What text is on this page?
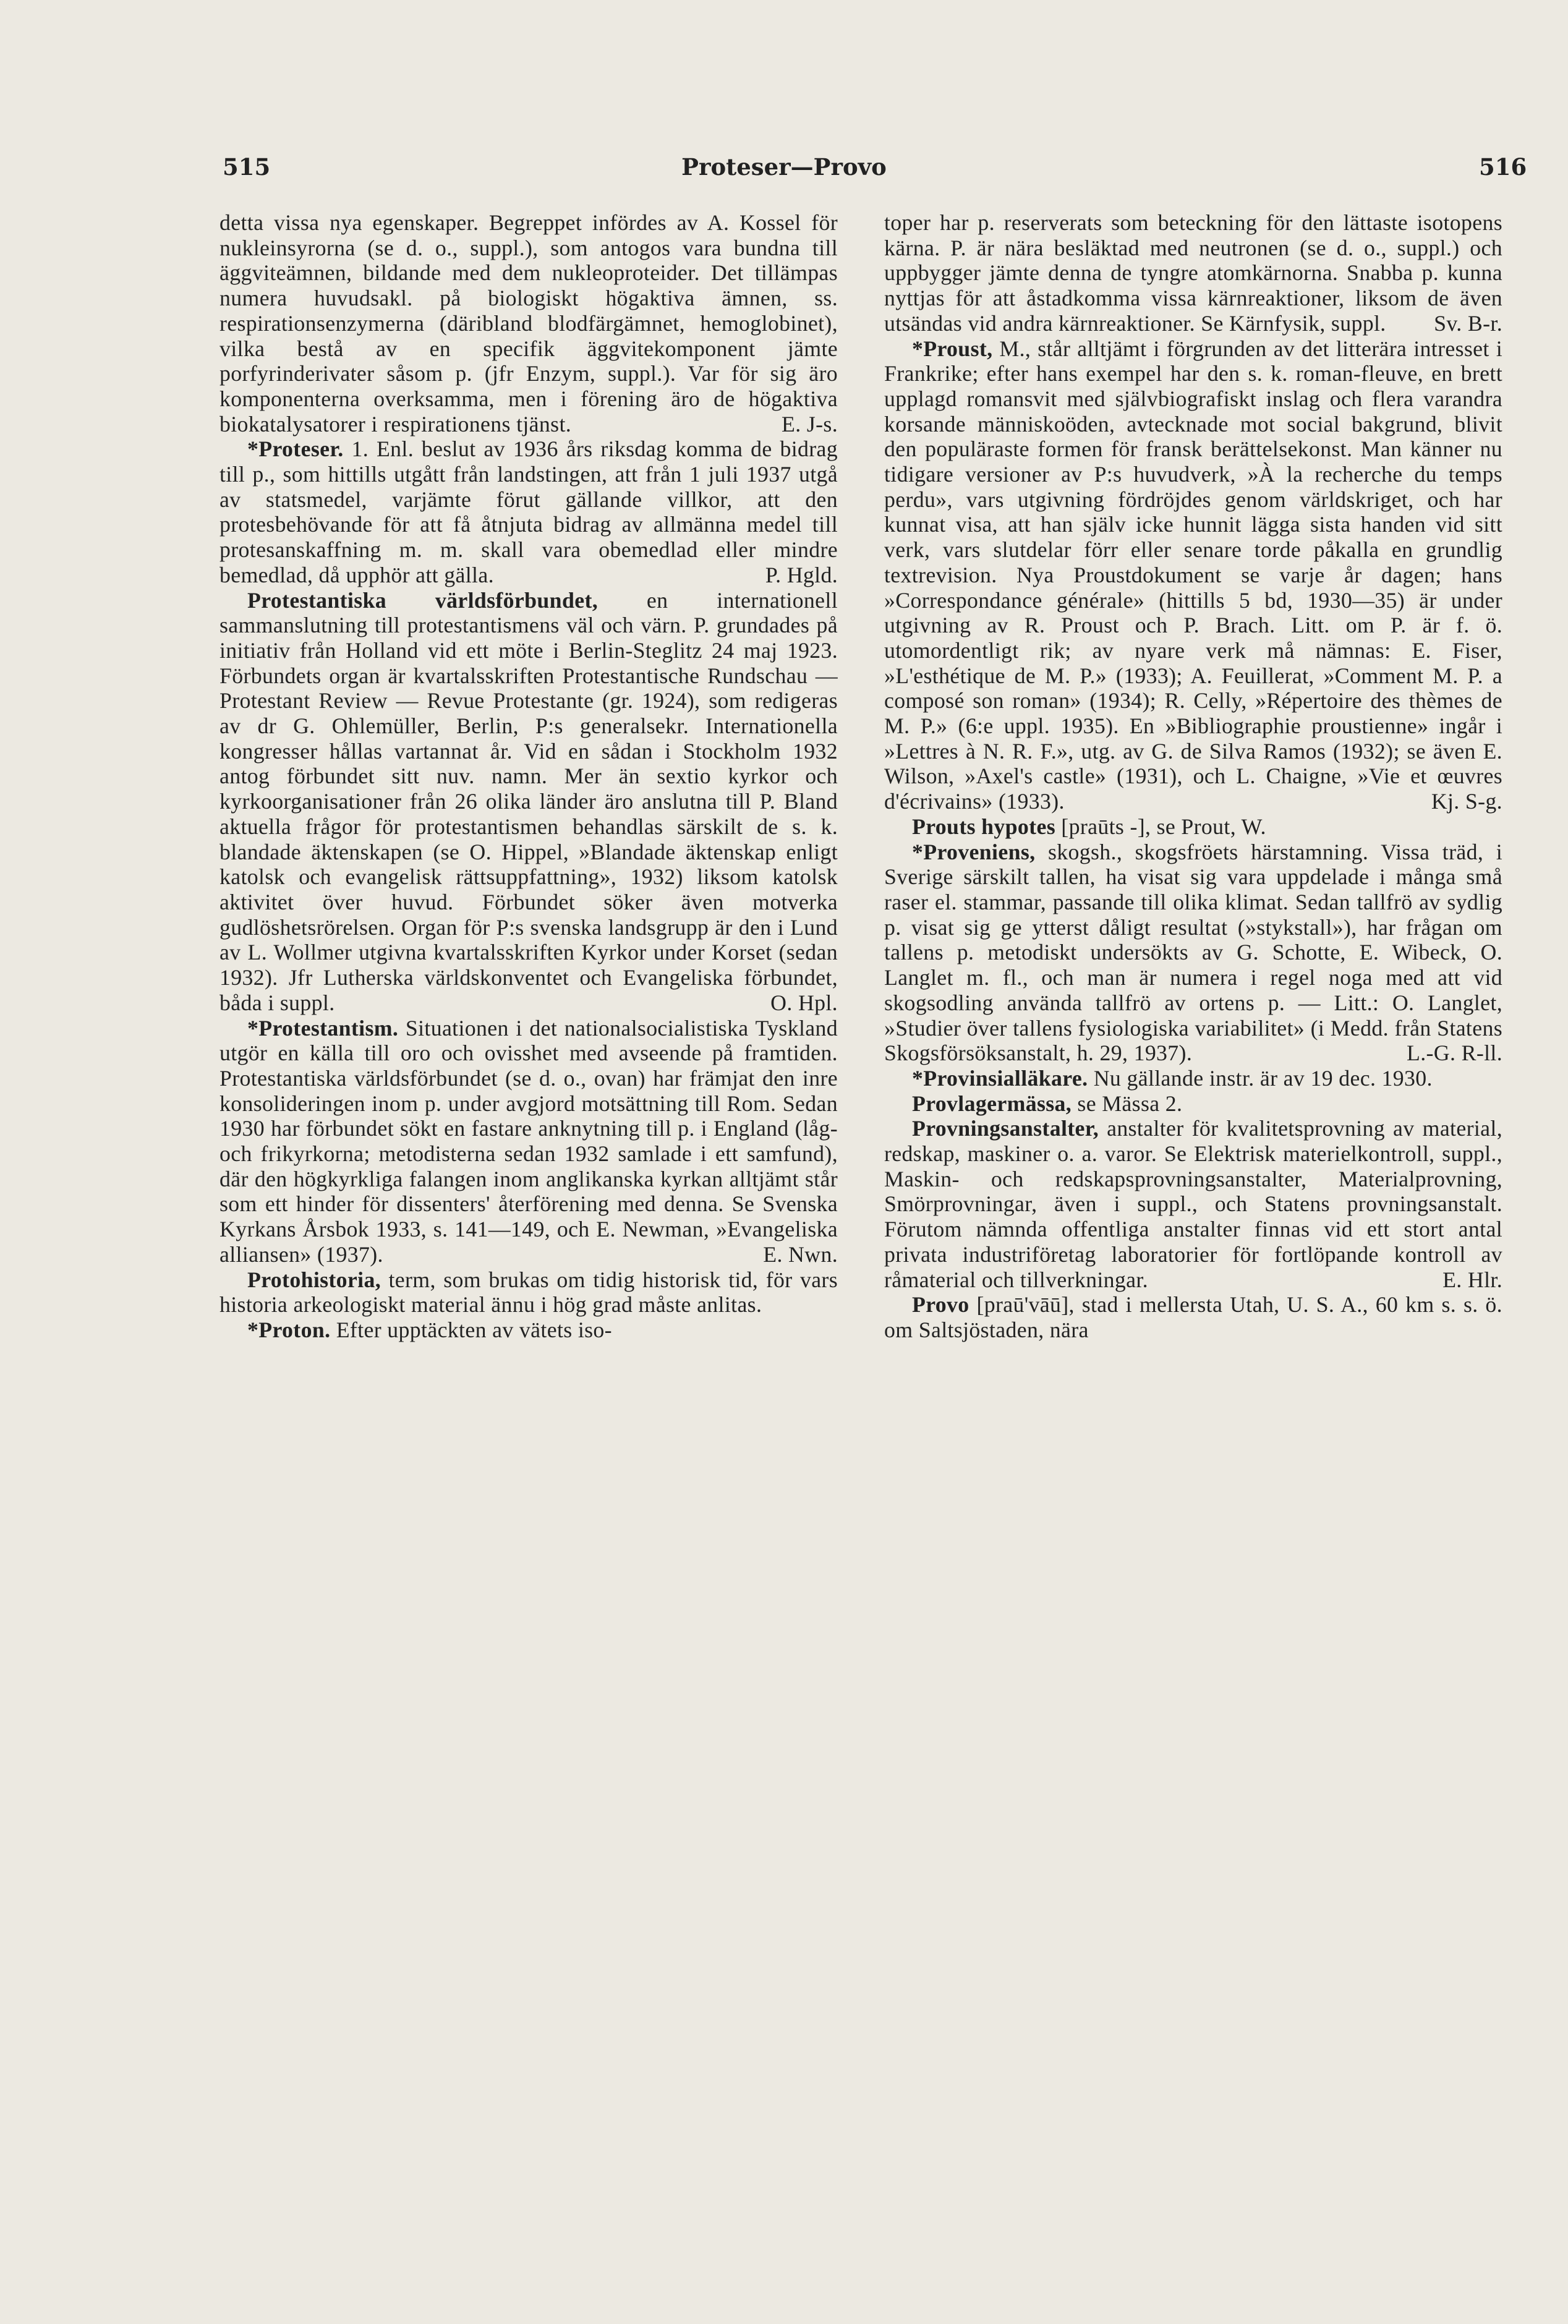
515	Proteser—Provo	516

detta vissa nya egenskaper. Begreppet infördes av A. Kossel för nukleinsyrorna (se d. o., suppl.), som antogos vara bundna till äggviteämnen, bildande med dem nukleoproteider. Det tillämpas numera huvudsakl. på biologiskt högaktiva ämnen, ss. respirationsenzymerna (däribland blodfärgämnet, hemoglobinet), vilka bestå av en specifik äggvitekomponent jämte porfyrinderivater såsom p. (jfr Enzym, suppl.). Var för sig äro komponenterna overksamma, men i förening äro de högaktiva biokatalysatorer i respirationens tjänst.	E. J-s.

*Proteser. 1. Enl. beslut av 1936 års riksdag komma de bidrag till p., som hittills utgått från landstingen, att från 1 juli 1937 utgå av statsmedel, varjämte förut gällande villkor, att den protesbehövande för att få åtnjuta bidrag av allmänna medel till protesanskaffning m. m. skall vara obemedlad eller mindre bemedlad, då upphör att gälla.	P. Hgld.

Protestantiska världsförbundet, en internationell sammanslutning till protestantismens väl och värn. P. grundades på initiativ från Holland vid ett möte i Berlin-Steglitz 24 maj 1923. Förbundets organ är kvartalsskriften Protestantische Rundschau — Protestant Review — Revue Protestante (gr. 1924), som redigeras av dr G. Ohlemüller, Berlin, P:s generalsekr. Internationella kongresser hållas vartannat år. Vid en sådan i Stockholm 1932 antog förbundet sitt nuv. namn. Mer än sextio kyrkor och kyrkoorganisationer från 26 olika länder äro anslutna till P. Bland aktuella frågor för protestantismen behandlas särskilt de s. k. blandade äktenskapen (se O. Hippel, »Blandade äktenskap enligt katolsk och evangelisk rättsuppfattning», 1932) liksom katolsk aktivitet över huvud. Förbundet söker även motverka gudlöshetsrörelsen. Organ för P:s svenska landsgrupp är den i Lund av L. Wollmer utgivna kvartalsskriften Kyrkor under Korset (sedan 1932). Jfr Lutherska världskonventet och Evangeliska förbundet, båda i suppl.	O. Hpl.

*Protestantism. Situationen i det nationalsocialistiska Tyskland utgör en källa till oro och ovisshet med avseende på framtiden. Protestantiska världsförbundet (se d. o., ovan) har främjat den inre konsolideringen inom p. under avgjord motsättning till Rom. Sedan 1930 har förbundet sökt en fastare anknytning till p. i England (låg- och frikyrkorna; metodisterna sedan 1932 samlade i ett samfund), där den högkyrkliga falangen inom anglikanska kyrkan alltjämt står som ett hinder för dissenters' återförening med denna. Se Svenska Kyrkans Årsbok 1933, s. 141—149, och E. Newman, »Evangeliska alliansen» (1937).	E. Nwn.

Protohistoria, term, som brukas om tidig historisk tid, för vars historia arkeologiskt material ännu i hög grad måste anlitas.

*Proton. Efter upptäckten av vätets iso-

toper har p. reserverats som beteckning för den lättaste isotopens kärna. P. är nära besläktad med neutronen (se d. o., suppl.) och uppbygger jämte denna de tyngre atomkärnorna. Snabba p. kunna nyttjas för att åstadkomma vissa kärnreaktioner, liksom de även utsändas vid andra kärnreaktioner. Se Kärnfysik, suppl. Sv. B-r.

*Proust, M., står alltjämt i förgrunden av det litterära intresset i Frankrike; efter hans exempel har den s. k. roman-fleuve, en brett upplagd romansvit med självbiografiskt inslag och flera varandra korsande människoöden, avtecknade mot social bakgrund, blivit den populäraste formen för fransk berättelsekonst. Man känner nu tidigare versioner av P:s huvudverk, »À la recherche du temps perdu», vars utgivning fördröjdes genom världskriget, och har kunnat visa, att han själv icke hunnit lägga sista handen vid sitt verk, vars slutdelar förr eller senare torde påkalla en grundlig textrevision. Nya Proustdokument se varje år dagen; hans »Correspondance générale» (hittills 5 bd, 1930—35) är under utgivning av R. Proust och P. Brach. Litt. om P. är f. ö. utomordentligt rik; av nyare verk må nämnas: E. Fiser, »L'esthétique de M. P.» (1933); A. Feuillerat, »Comment M. P. a composé son roman» (1934); R. Celly, »Répertoire des thèmes de M. P.» (6:e uppl. 1935). En »Bibliographie proustienne» ingår i »Lettres à N. R. F.», utg. av G. de Silva Ramos (1932); se även E. Wilson, »Axel's castle» (1931), och L. Chaigne, »Vie et œuvres d'écrivains» (1933).	Kj. S-g.

Prouts hypotes [praūts -], se Prout, W.

*Proveniens, skogsh., skogsfröets härstamning. Vissa träd, i Sverige särskilt tallen, ha visat sig vara uppdelade i många små raser el. stammar, passande till olika klimat. Sedan tallfrö av sydlig p. visat sig ge ytterst dåligt resultat (»stykstall»), har frågan om tallens p. metodiskt undersökts av G. Schotte, E. Wibeck, O. Langlet m. fl., och man är numera i regel noga med att vid skogsodling använda tallfrö av ortens p. — Litt.: O. Langlet, »Studier över tallens fysiologiska variabilitet» (i Medd. från Statens Skogsförsöksanstalt, h. 29, 1937).	L.-G. R-ll.

*Provinsialläkare. Nu gällande instr. är av 19 dec. 1930.

Provlagermässa, se Mässa 2.

Provningsanstalter, anstalter för kvalitetsprovning av material, redskap, maskiner o. a. varor. Se Elektrisk materielkontroll, suppl., Maskin- och redskapsprovningsanstalter, Materialprovning, Smörprovningar, även i suppl., och Statens provningsanstalt. Förutom nämnda offentliga anstalter finnas vid ett stort antal privata industriföretag laboratorier för fortlöpande kontroll av råmaterial och tillverkningar.	E. Hlr.

Provo [praū'vāū], stad i mellersta Utah, U. S. A., 60 km s. s. ö. om Saltsjöstaden, nära
